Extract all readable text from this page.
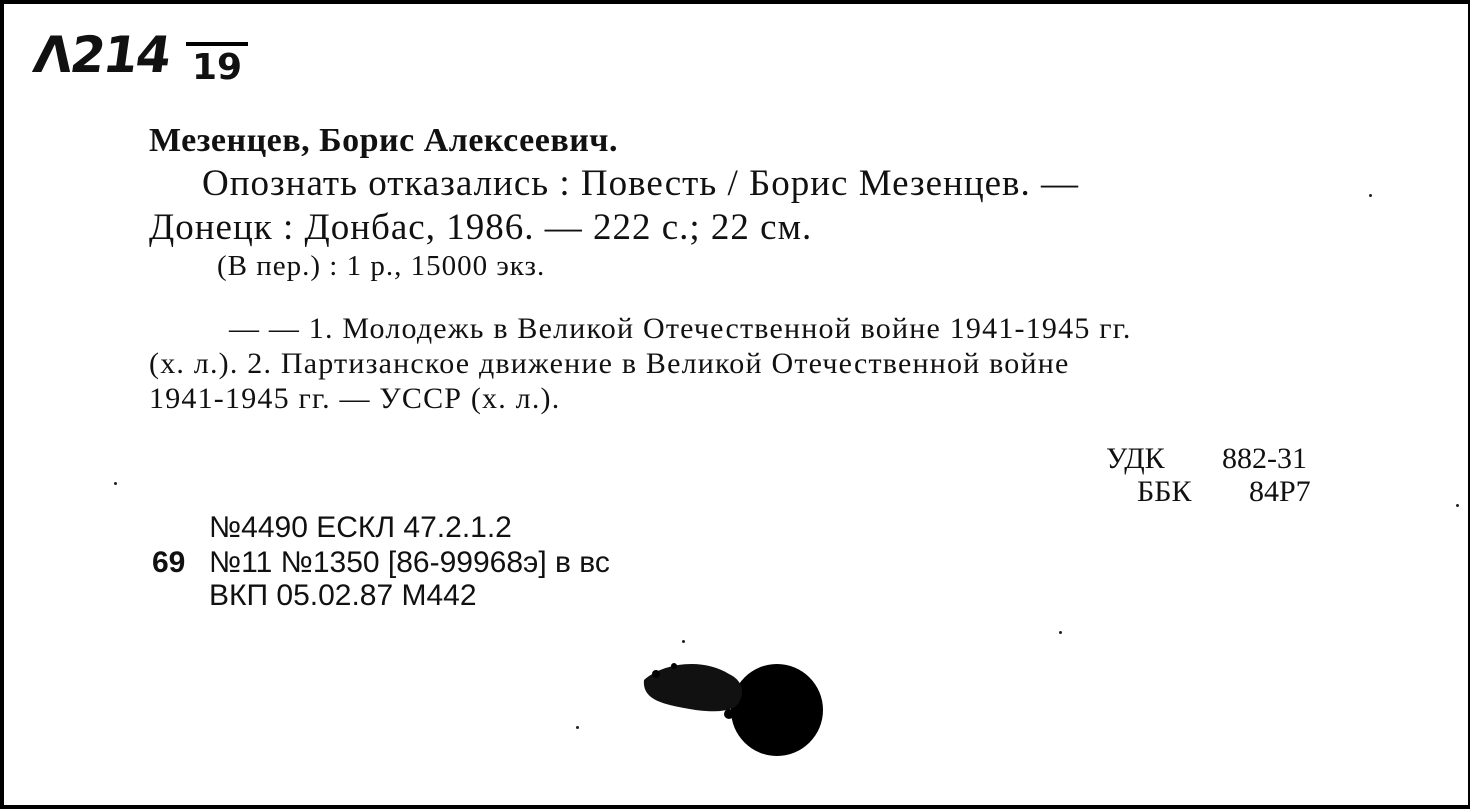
Λ214 19
Мезенцев, Борис Алексеевич.
Опознать отказались : Повесть / Борис Мезенцев. —
Донецк : Донбас, 1986. — 222 с.; 22 см.
(В пер.) : 1 р., 15000 экз.
— — 1. Молодежь в Великой Отечественной войне 1941-1945 гг.
(х. л.). 2. Партизанское движение в Великой Отечественной войне
1941-1945 гг. — УССР (х. л.).
УДК 882-31
ББК 84Р7
№4490 ЕСКЛ 47.2.1.2
69 №11 №1350 [86-99968э] в вс
ВКП 05.02.87 М442
